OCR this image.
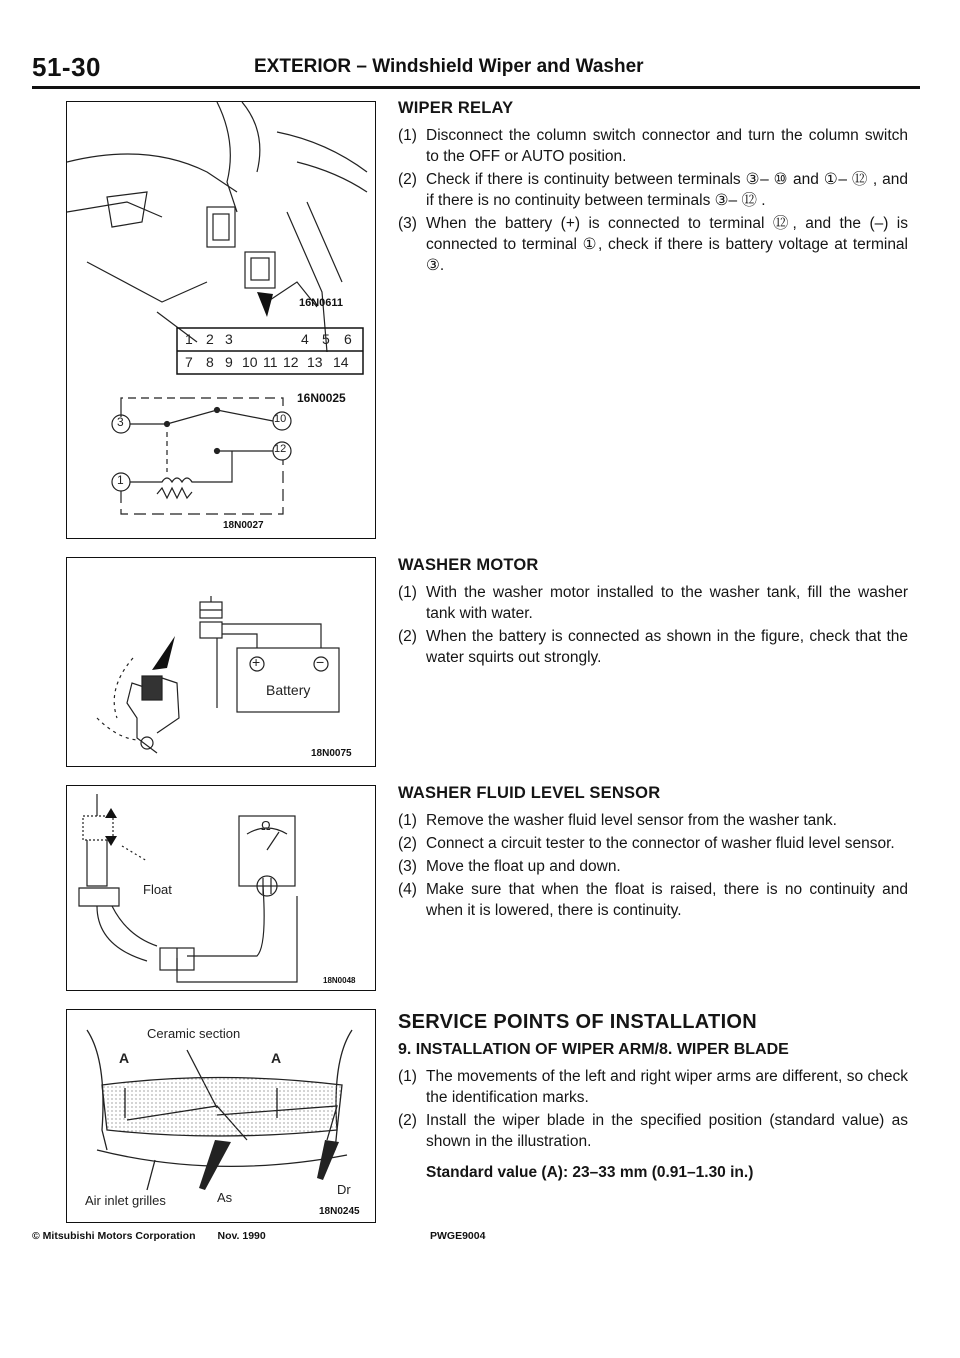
51-30	EXTERIOR – Windshield Wiper and Washer
16N0611
1 2 3	4 5 6
7 8 9 10 11 12 13 14
16N0025
3
1
10
12
18N0027
+	−
Battery
18N0075
Float
Ω
18N0048
Ceramic section
A	A
Air inlet grilles	As
Dr
18N0245
WIPER RELAY
(1) Disconnect the column switch connector and turn the column switch to the OFF or AUTO position.
(2) Check if there is continuity between terminals ③– ⑩ and ①– ⑫ , and if there is no continuity between terminals ③– ⑫ .
(3) When the battery (+) is connected to terminal ⑫, and the (–) is connected to terminal ①, check if there is battery voltage at terminal ③.
WASHER MOTOR
(1) With the washer motor installed to the washer tank, fill the washer tank with water.
(2) When the battery is connected as shown in the figure, check that the water squirts out strongly.
WASHER FLUID LEVEL SENSOR
(1) Remove the washer fluid level sensor from the washer tank.
(2) Connect a circuit tester to the connector of washer fluid level sensor.
(3) Move the float up and down.
(4) Make sure that when the float is raised, there is no continuity and when it is lowered, there is continuity.
SERVICE POINTS OF INSTALLATION
9. INSTALLATION OF WIPER ARM/8. WIPER BLADE
(1) The movements of the left and right wiper arms are different, so check the identification marks.
(2) Install the wiper blade in the specified position (standard value) as shown in the illustration.
Standard value (A): 23–33 mm (0.91–1.30 in.)
© Mitsubishi Motors Corporation Nov. 1990	PWGE9004
